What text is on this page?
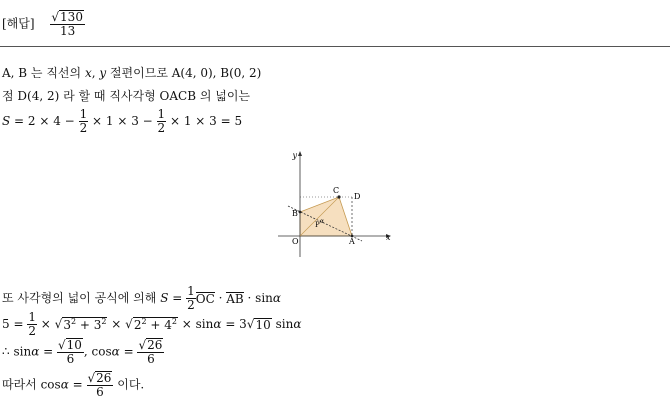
[해답] $\frac{√130}{13}$
A, B 는 직선의 x, y 절편이므로 A(4, 0), B(0, 2)
점 D(4, 2) 라 할 때 직사각형 OACB 의 넓이는
$S = 2 \times 4 - \frac{1}{2} \times 1 \times 3 - \frac{1}{2} \times 1 \times 3 = 5$
y
x
O	A
B
C
D
P α
또 사각형의 넓이 공식에 의해 $S = \frac{1}{2}$ OC · AB · sinα
$5 = \frac{1}{2} \times √3^2 + 3^2 \times √2^2 + 4^2 \times \sin\alpha = 3√10$ sinα
∴ $\sin\alpha = \frac{√10}{6}$ , $\cos\alpha = \frac{√26}{6}$
따라서 $\cos\alpha = \frac{√26}{6}$ 이다.
